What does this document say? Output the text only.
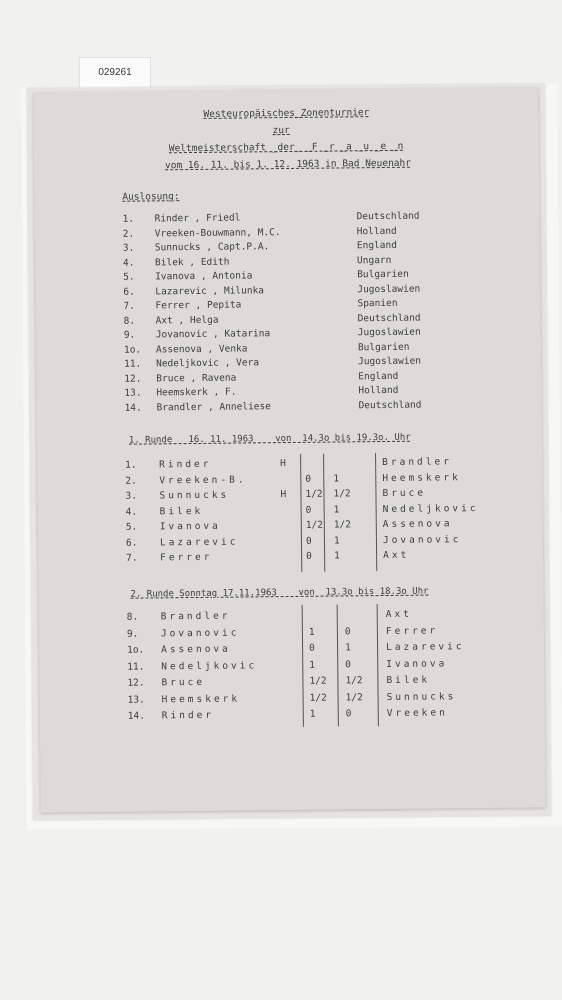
029261
Westeuropäisches_Zonenturnier
zur
Weltmeisterschaft _der_ _F _r _a _u _e _n
vom 16. 11. bis 1. 12. 1963 in Bad Neuenahr
Auslosung:
1. Rinder , Friedl	Deutschland
2. Vreeken-Bouwmann, M.C.	Holland
3. Sunnucks , Capt.P.A.	England
4. Bilek , Edith	Ungarn
5. Ivanova , Antonia	Bulgarien
6. Lazarevic , Milunka	Jugoslawien
7. Ferrer , Pepita	Spanien
8. Axt , Helga	Deutschland
9. Jovanovic , Katarina	Jugoslawien
1o. Assenova , Venka	Bulgarien
11. Nedeljkovic , Vera	Jugoslawien
12. Bruce , Ravena	England
13. Heemskerk , F.	Holland
14. Brandler , Anneliese	Deutschland
1. Runde   16. 11. 1963    von  14.3o bis 19.3o. Uhr
1. Rinder	H	Brandler
2. Vreeken-B.	0 1	Heemskerk
3. Sunnucks	H 1/2 1/2	Bruce
4. Bilek	0 1	Nedeljkovic
5. Ivanova	1/2 1/2	Assenova
6. Lazarevic	0 1	Jovanovic
7. Ferrer	0 1	Axt
2. Runde Sonntag 17.11.1963    von  13.3o bis 18.3o Uhr
8. Brandler	Axt
9. Jovanovic	1	0	Ferrer
1o. Assenova	0	1	Lazarevic
11. Nedeljkovic	1	0	Ivanova
12. Bruce	1/2 1/2 Bilek
13. Heemskerk	1/2 1/2 Sunnucks
14. Rinder	1	0	Vreeken
